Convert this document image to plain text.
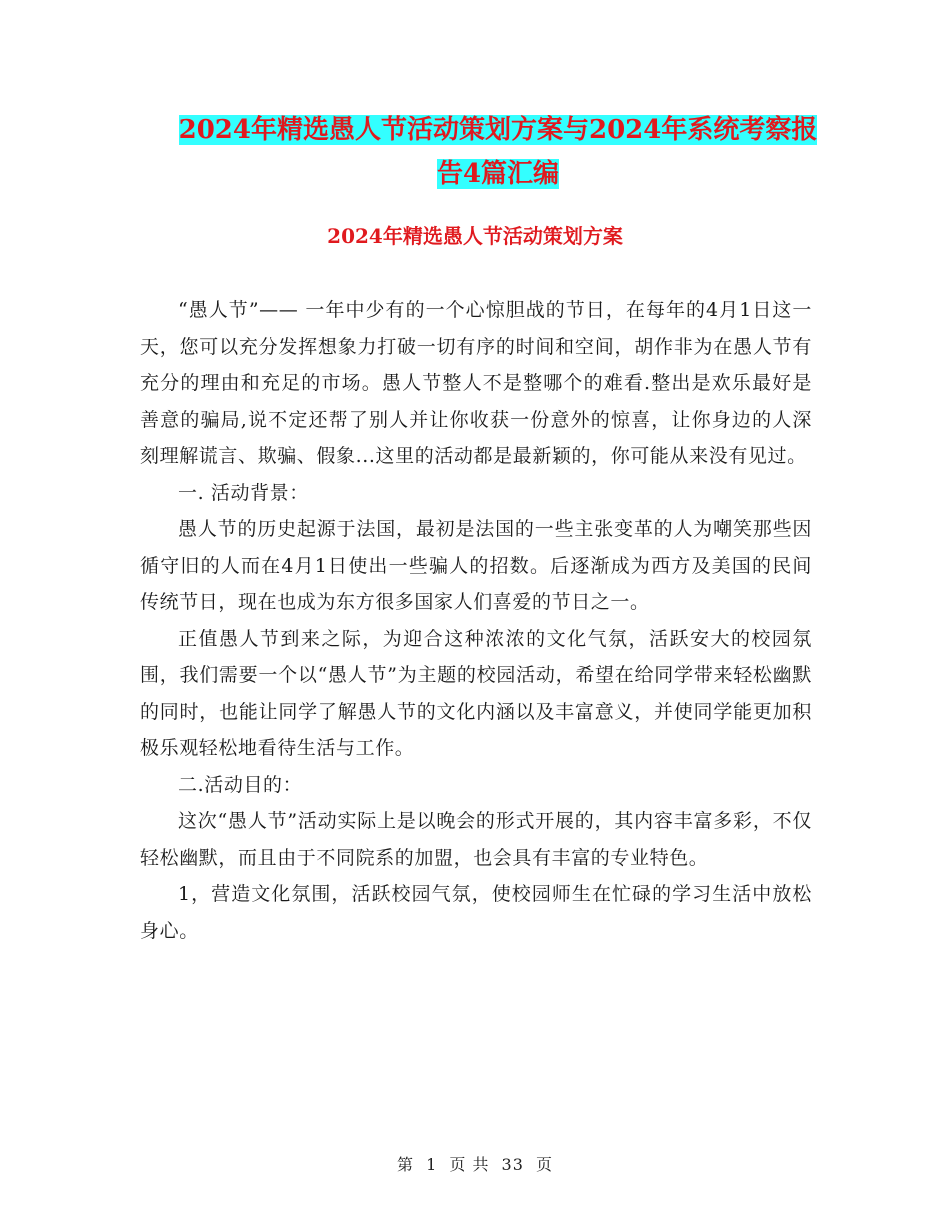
2024年精选愚人节活动策划方案与2024年系统考察报
告4篇汇编
2024年精选愚人节活动策划方案

“愚人节”—— 一年中少有的一个心惊胆战的节日，在每年的4月1日这一天，您可以充分发挥想象力打破一切有序的时间和空间，胡作非为在愚人节有充分的理由和充足的市场。愚人节整人不是整哪个的难看.整出是欢乐最好是善意的骗局,说不定还帮了别人并让你收获一份意外的惊喜，让你身边的人深刻理解谎言、欺骗、假象...这里的活动都是最新颖的，你可能从来没有见过。

一. 活动背景：

愚人节的历史起源于法国，最初是法国的一些主张变革的人为嘲笑那些因循守旧的人而在4月1日使出一些骗人的招数。后逐渐成为西方及美国的民间传统节日，现在也成为东方很多国家人们喜爱的节日之一。

正值愚人节到来之际，为迎合这种浓浓的文化气氛，活跃安大的校园氛围，我们需要一个以“愚人节”为主题的校园活动，希望在给同学带来轻松幽默的同时，也能让同学了解愚人节的文化内涵以及丰富意义，并使同学能更加积极乐观轻松地看待生活与工作。

二.活动目的：

这次“愚人节”活动实际上是以晚会的形式开展的，其内容丰富多彩，不仅轻松幽默，而且由于不同院系的加盟，也会具有丰富的专业特色。

1，营造文化氛围，活跃校园气氛，使校园师生在忙碌的学习生活中放松身心。

第 1 页 共 33 页
